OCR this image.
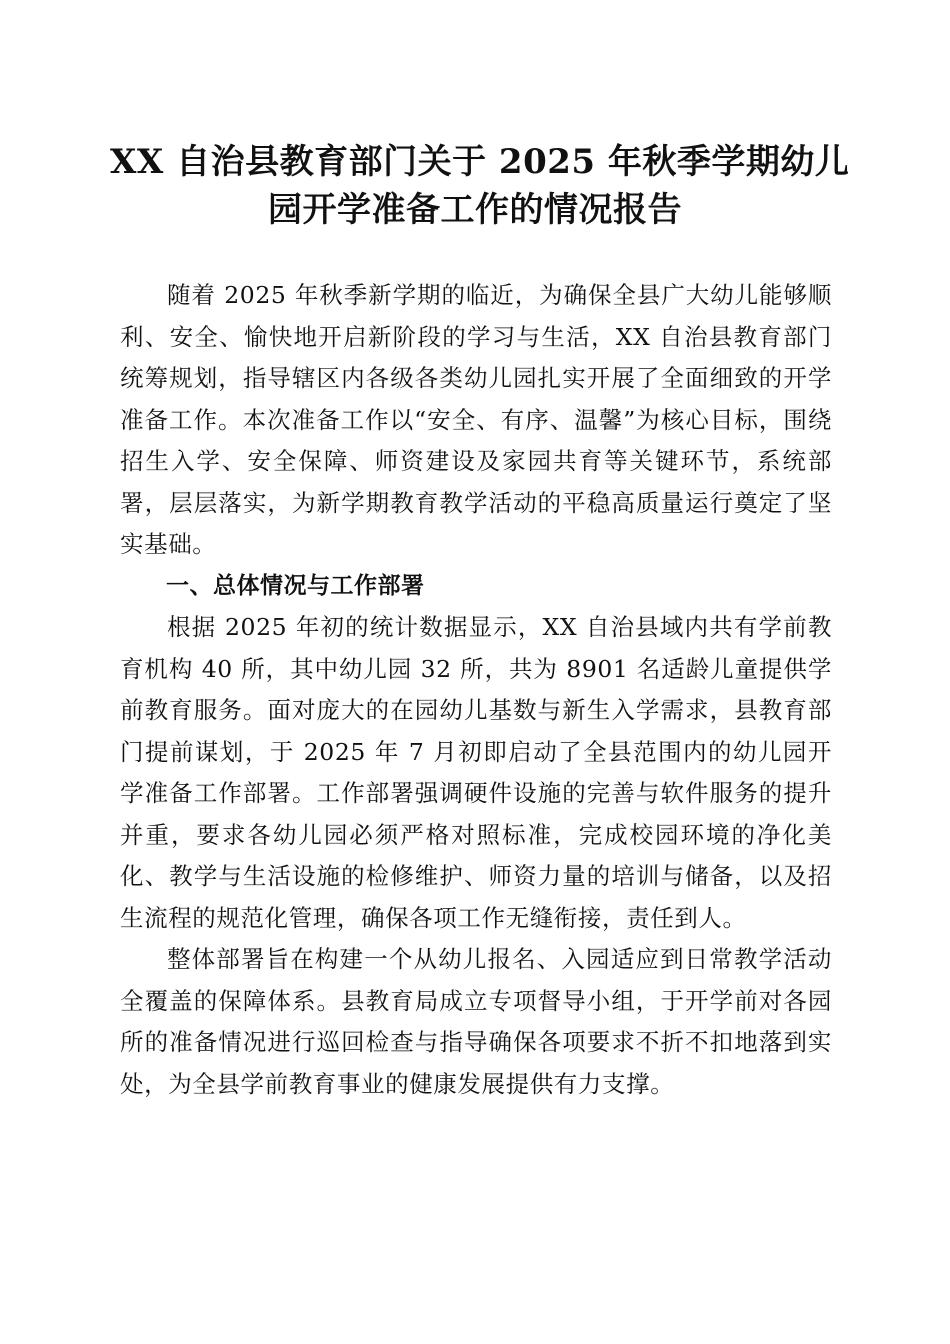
XX 自治县教育部门关于 2025 年秋季学期幼儿
园开学准备工作的情况报告

随着 2025 年秋季新学期的临近，为确保全县广大幼儿能够顺利、安全、愉快地开启新阶段的学习与生活，XX 自治县教育部门统筹规划，指导辖区内各级各类幼儿园扎实开展了全面细致的开学准备工作。本次准备工作以“安全、有序、温馨”为核心目标，围绕招生入学、安全保障、师资建设及家园共育等关键环节，系统部署，层层落实，为新学期教育教学活动的平稳高质量运行奠定了坚实基础。

一、总体情况与工作部署

根据 2025 年初的统计数据显示，XX 自治县域内共有学前教育机构 40 所，其中幼儿园 32 所，共为 8901 名适龄儿童提供学前教育服务。面对庞大的在园幼儿基数与新生入学需求，县教育部门提前谋划，于 2025 年 7 月初即启动了全县范围内的幼儿园开学准备工作部署。工作部署强调硬件设施的完善与软件服务的提升并重，要求各幼儿园必须严格对照标准，完成校园环境的净化美化、教学与生活设施的检修维护、师资力量的培训与储备，以及招生流程的规范化管理，确保各项工作无缝衔接，责任到人。

整体部署旨在构建一个从幼儿报名、入园适应到日常教学活动全覆盖的保障体系。县教育局成立专项督导小组，于开学前对各园所的准备情况进行巡回检查与指导确保各项要求不折不扣地落到实处，为全县学前教育事业的健康发展提供有力支撑。
